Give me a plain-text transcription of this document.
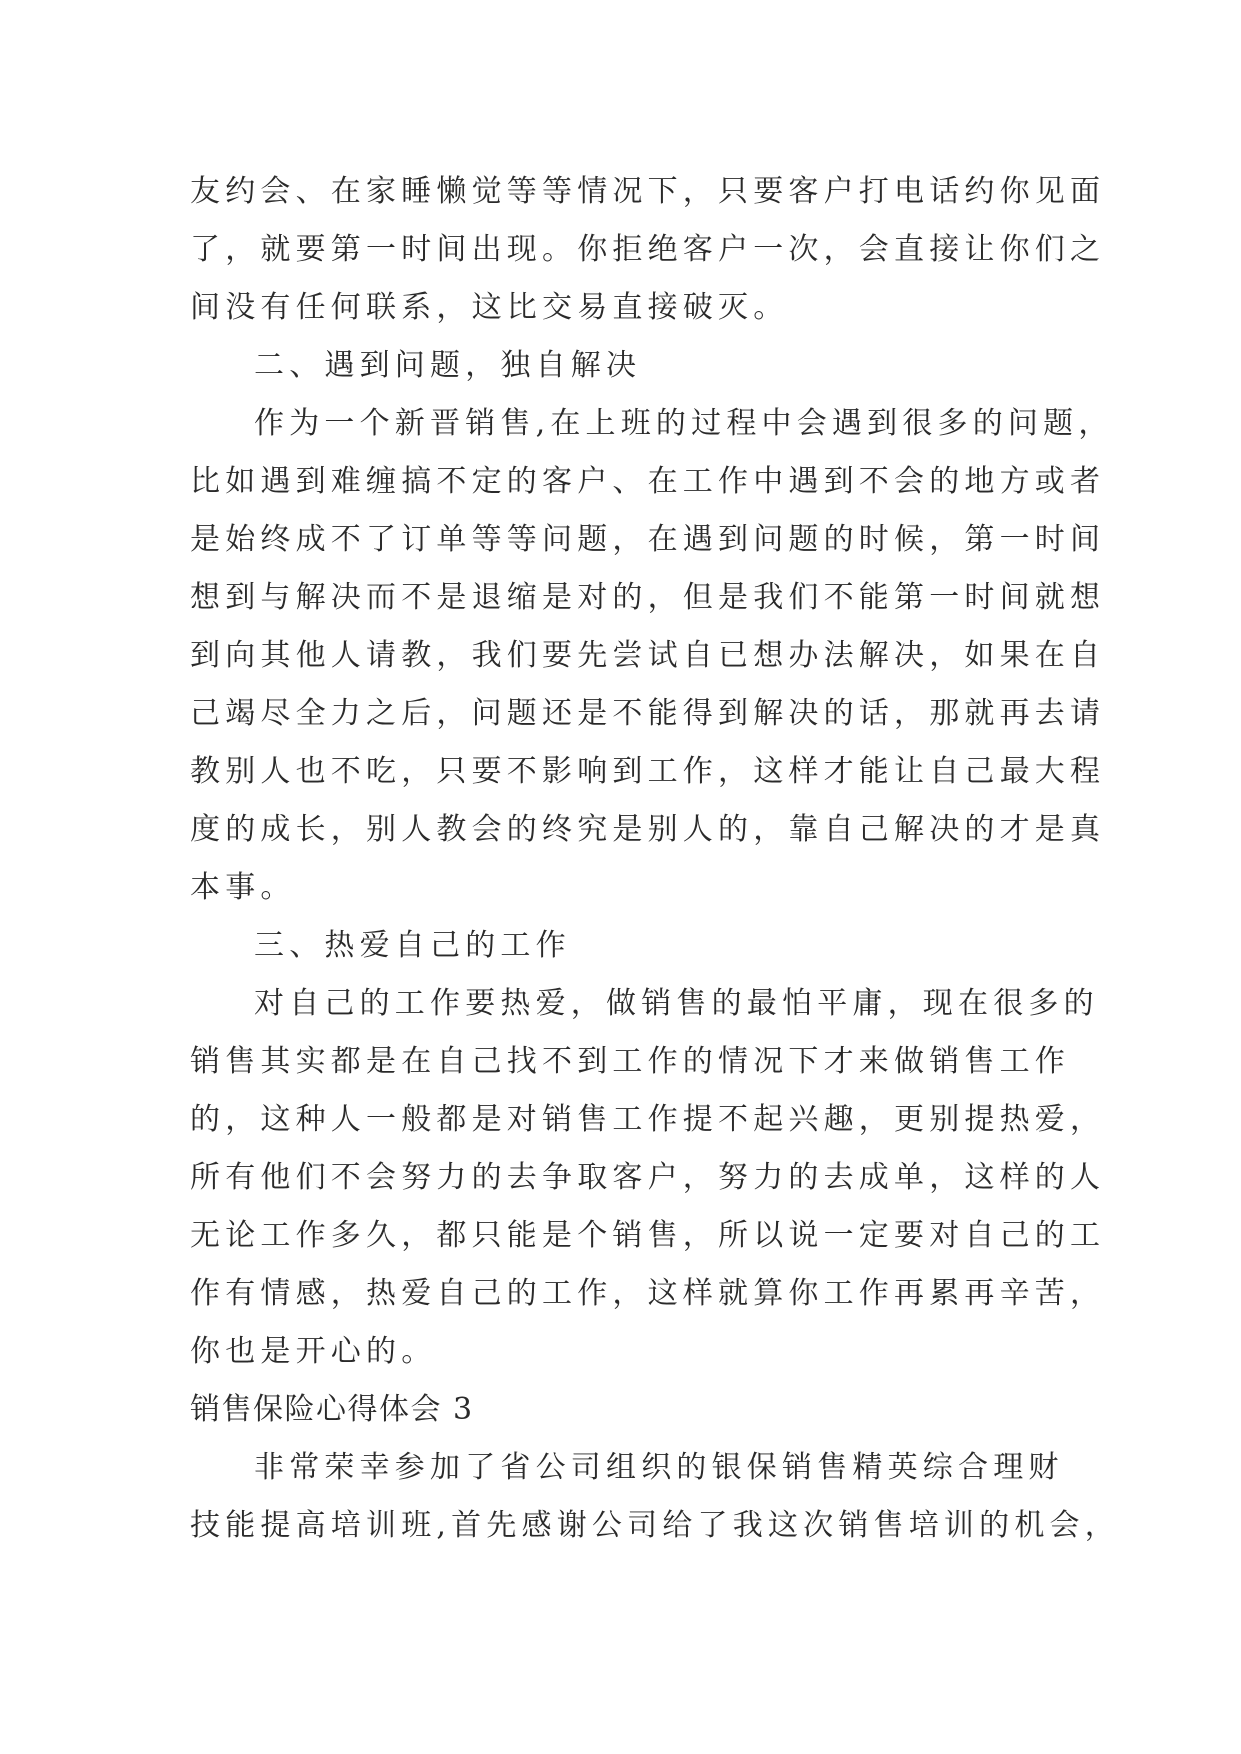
友约会、在家睡懒觉等等情况下，只要客户打电话约你见面
了，就要第一时间出现。你拒绝客户一次，会直接让你们之
间没有任何联系，这比交易直接破灭。
二、遇到问题，独自解决
作为一个新晋销售,在上班的过程中会遇到很多的问题，
比如遇到难缠搞不定的客户、在工作中遇到不会的地方或者
是始终成不了订单等等问题，在遇到问题的时候，第一时间
想到与解决而不是退缩是对的，但是我们不能第一时间就想
到向其他人请教，我们要先尝试自已想办法解决，如果在自
己竭尽全力之后，问题还是不能得到解决的话，那就再去请
教别人也不吃，只要不影响到工作，这样才能让自己最大程
度的成长，别人教会的终究是别人的，靠自己解决的才是真
本事。
三、热爱自己的工作
对自己的工作要热爱，做销售的最怕平庸，现在很多的
销售其实都是在自己找不到工作的情况下才来做销售工作
的，这种人一般都是对销售工作提不起兴趣，更别提热爱，
所有他们不会努力的去争取客户，努力的去成单，这样的人
无论工作多久，都只能是个销售，所以说一定要对自己的工
作有情感，热爱自己的工作，这样就算你工作再累再辛苦，
你也是开心的。
销售保险心得体会 3
非常荣幸参加了省公司组织的银保销售精英综合理财
技能提高培训班,首先感谢公司给了我这次销售培训的机会，
